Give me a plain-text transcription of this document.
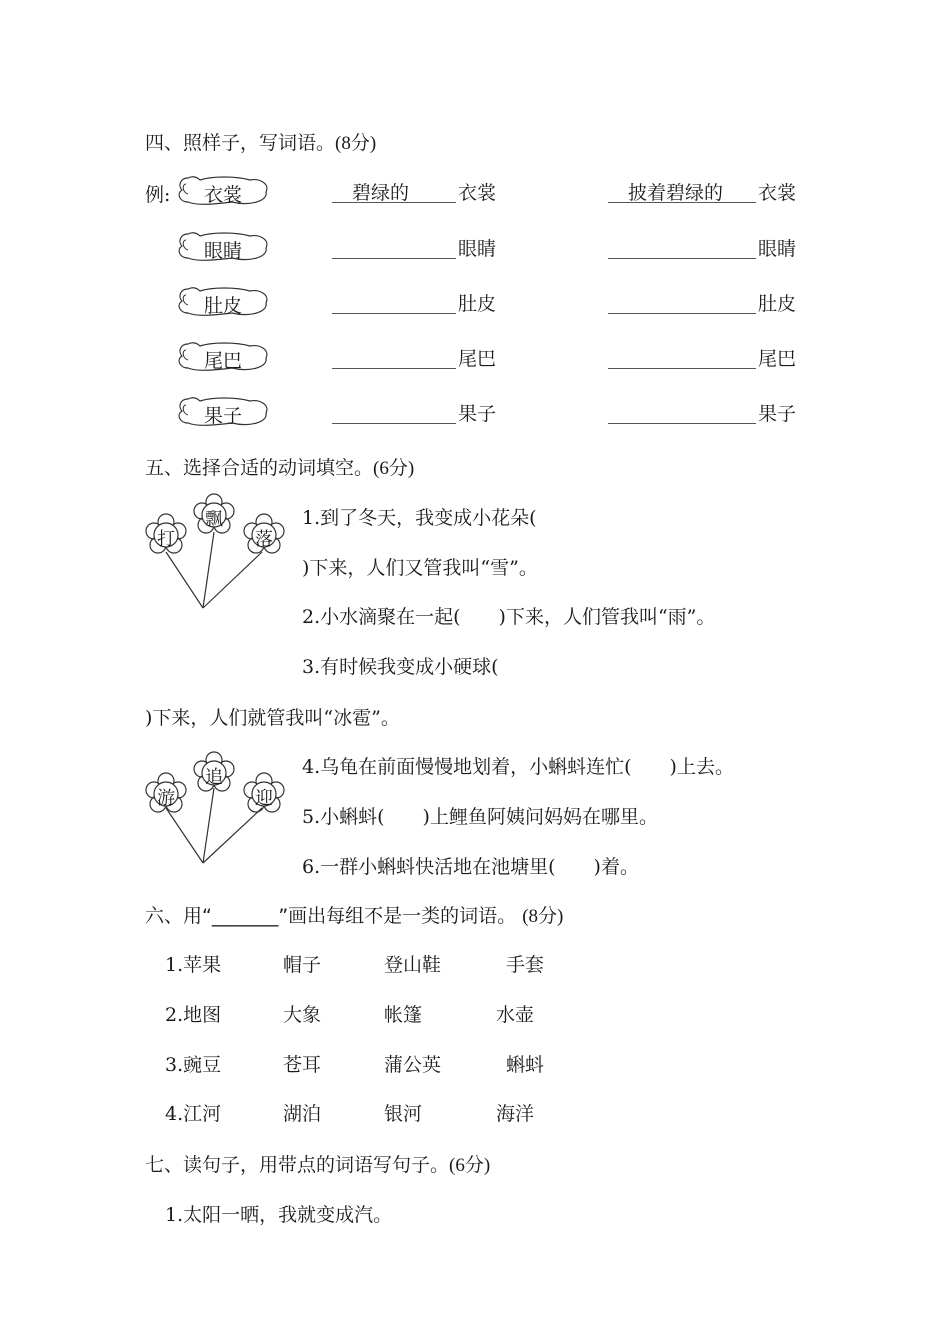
四、照样子，写词语。(8分)
例: 衣裳	碧绿的	衣裳	披着碧绿的 衣裳
眼睛	眼睛	眼睛
肚皮	肚皮	肚皮
尾巴	尾巴	尾巴
果子	果子	果子
五、选择合适的动词填空。(6分)
打
飘
落
1.到了冬天，我变成小花朵(
)下来，人们又管我叫“雪”。
2.小水滴聚在一起(　　)下来，人们管我叫“雨”。
3.有时候我变成小硬球(
)下来，人们就管我叫“冰雹”。
游
追
迎
4.乌龟在前面慢慢地划着，小蝌蚪连忙(　　)上去。
5.小蝌蚪(　　)上鲤鱼阿姨问妈妈在哪里。
6.一群小蝌蚪快活地在池塘里(　　)着。
六、用“_______”画出每组不是一类的词语。 (8分)
1.苹果	帽子	登山鞋	手套
2.地图	大象	帐篷	水壶
3.豌豆	苍耳	蒲公英	蝌蚪
4.江河	湖泊	银河	海洋
七、读句子，用带点的词语写句子。(6分)
1.太阳一晒，我就变成汽。
